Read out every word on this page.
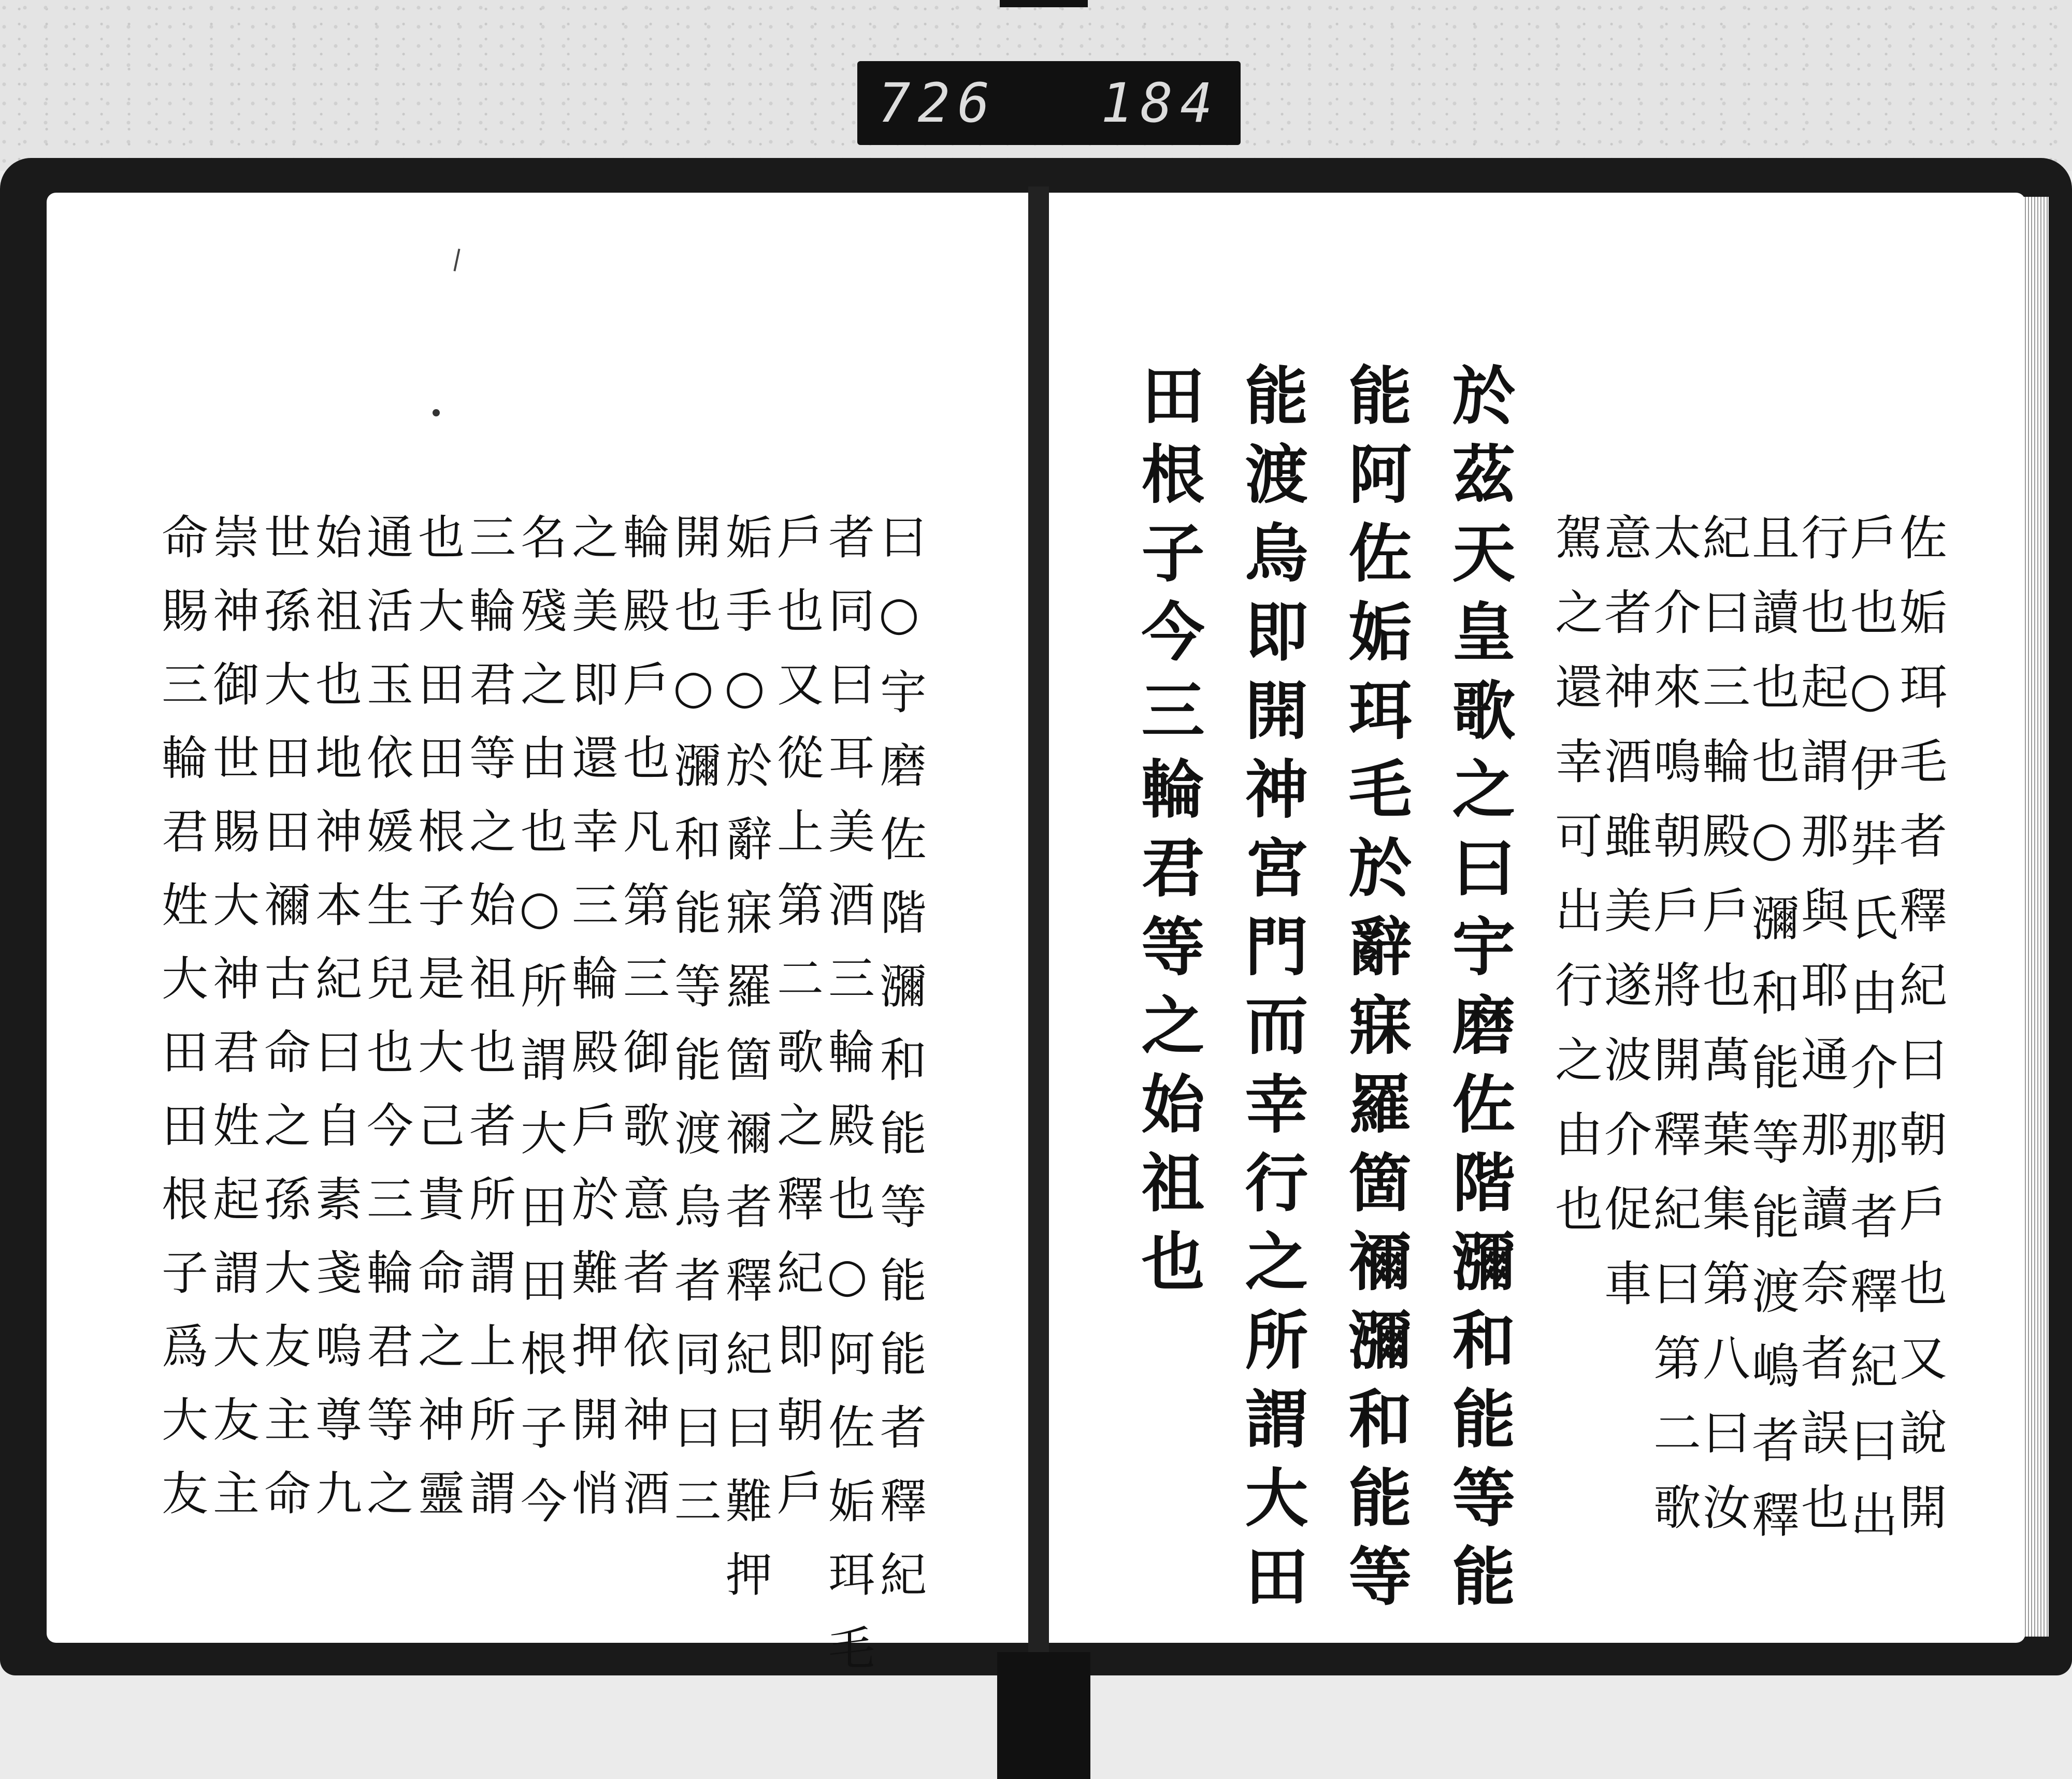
726 184
曰○宇磨佐階瀰和能等能能者釋紀
者同曰耳美酒三輪殿也○阿佐姤珥毛
戶也又從上第二歌之釋紀即朝戶
姤手○於辭寐羅箇禰者釋紀曰難押
開也○瀰和能等能渡烏者同曰三
輪殿戶也凡第三御歌意者依神酒
之美即還幸三輪殿戶於難押開悄
名殘之由也○所謂大田田根子今
三輪君等之始祖也者所謂上所謂
也大田田根子是大己貴命之神靈
通活玉依媛生兒也今三輪君等之
始祖也地神本紀曰自素戔嗚尊九
世孫大田田禰古命之孫大友主命
崇神御世賜大神君姓起謂大友主
命賜三輪君姓大田田根子爲大友	佐姤珥毛者釋紀曰朝戶也又說開
戶也○伊弉氏由介那者釋紀曰出
行也起謂那與耶通那讀奈者誤也
且讀也也○瀰和能等能渡嶋者釋
紀曰三輪殿戶也萬葉集第八曰汝
太介來鳴朝戶將開釋紀曰第二歌
意者神酒雖美遂波介促車
駕之還幸可出行之由也
於茲天皇歌之曰宇磨佐階瀰和能等能
能阿佐姤珥毛於辭寐羅箇禰瀰和能等
能渡烏即開神宮門而幸行之所謂大田
田根子今三輪君等之始祖也
